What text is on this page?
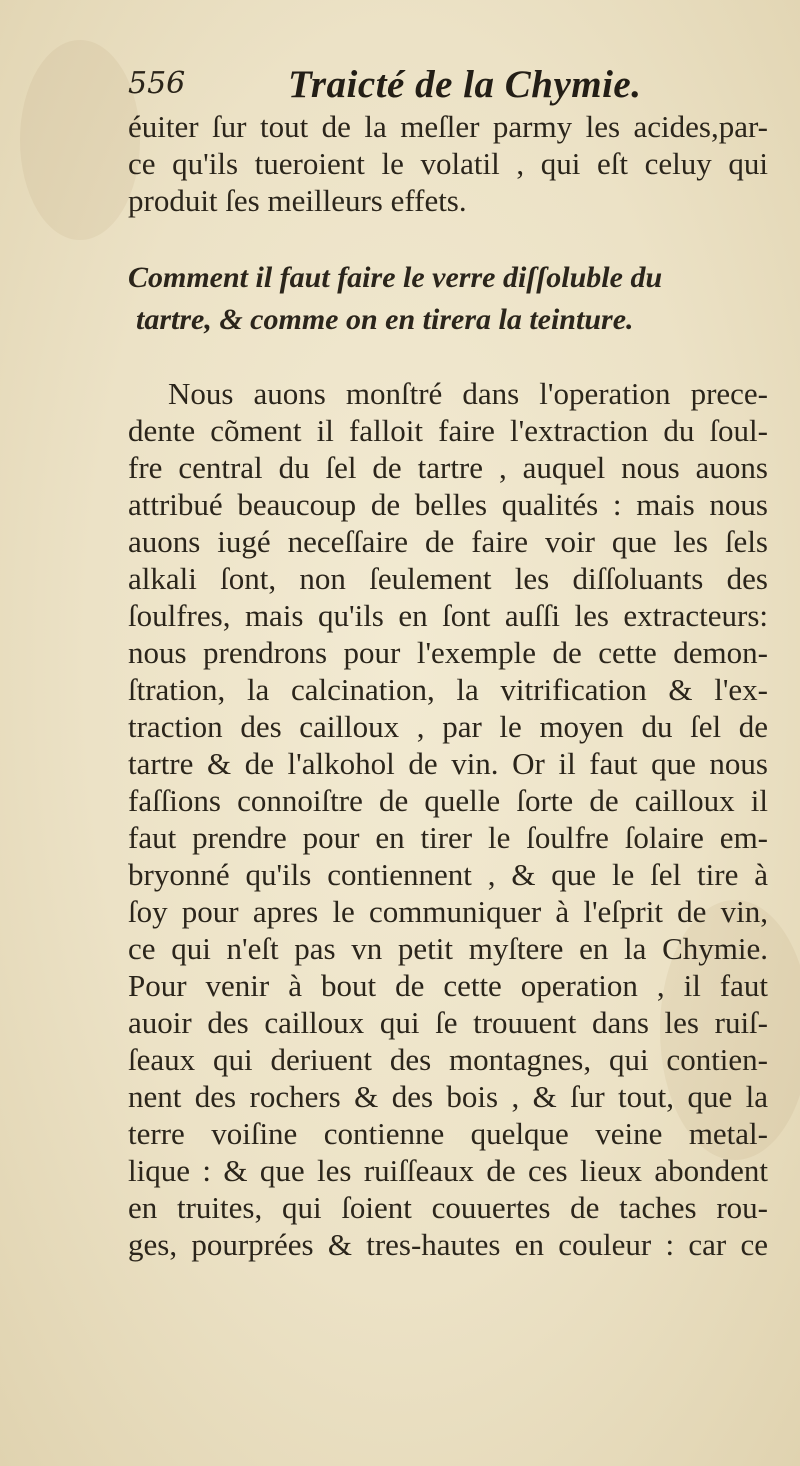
556	Traicté de la Chymie.
éuiter ſur tout de la meſler parmy les acides,par-
ce qu'ils tueroient le volatil , qui eſt celuy qui
produit ſes meilleurs effets.
Comment il faut faire le verre diſſoluble du
tartre, & comme on en tirera la teinture.
Nous auons monſtré dans l'operation prece-
dente cõment il falloit faire l'extraction du ſoul-
fre central du ſel de tartre , auquel nous auons
attribué beaucoup de belles qualités : mais nous
auons iugé neceſſaire de faire voir que les ſels
alkali ſont, non ſeulement les diſſoluants des
ſoulfres, mais qu'ils en ſont auſſi les extracteurs:
nous prendrons pour l'exemple de cette demon-
ſtration, la calcination, la vitrification & l'ex-
traction des cailloux , par le moyen du ſel de
tartre & de l'alkohol de vin. Or il faut que nous
faſſions connoiſtre de quelle ſorte de cailloux il
faut prendre pour en tirer le ſoulfre ſolaire em-
bryonné qu'ils contiennent , & que le ſel tire à
ſoy pour apres le communiquer à l'eſprit de vin,
ce qui n'eſt pas vn petit myſtere en la Chymie.
Pour venir à bout de cette operation , il faut
auoir des cailloux qui ſe trouuent dans les ruiſ-
ſeaux qui deriuent des montagnes, qui contien-
nent des rochers & des bois , & ſur tout, que la
terre voiſine contienne quelque veine metal-
lique : & que les ruiſſeaux de ces lieux abondent
en truites, qui ſoient couuertes de taches rou-
ges, pourprées & tres-hautes en couleur : car ce
